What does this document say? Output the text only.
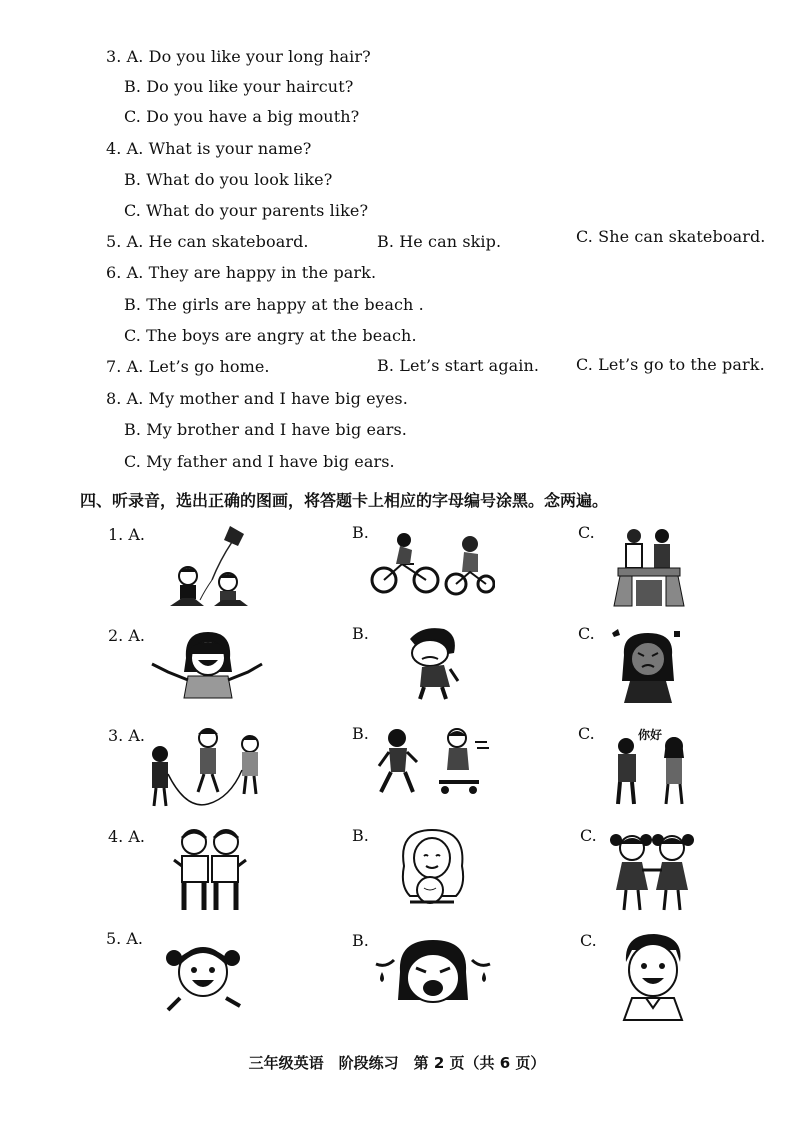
3. A. Do you like your long hair?
B. Do you like your haircut?
C. Do you have a big mouth?
4. A. What is your name?
B. What do you look like?
C. What do your parents like?
5. A. He can skateboard.	B. He can skip.	C. She can skateboard.
6. A. They are happy in the park.
B. The girls are happy at the beach .
C. The boys are angry at the beach.
7. A. Let’s go home.	B. Let’s start again. C. Let’s go to the park.
8. A. My mother and I have big eyes.
B. My brother and I have big ears.
C. My father and I have big ears.
四、听录音，选出正确的图画，将答题卡上相应的字母编号涂黑。念两遍。
1. A.	B.	C.
2. A.	B.	C.
3. A.	B.	C.	你好
4. A.	B.	C.
5. A.	B.	C.
三年级英语　阶段练习　第 2 页（共 6 页）
